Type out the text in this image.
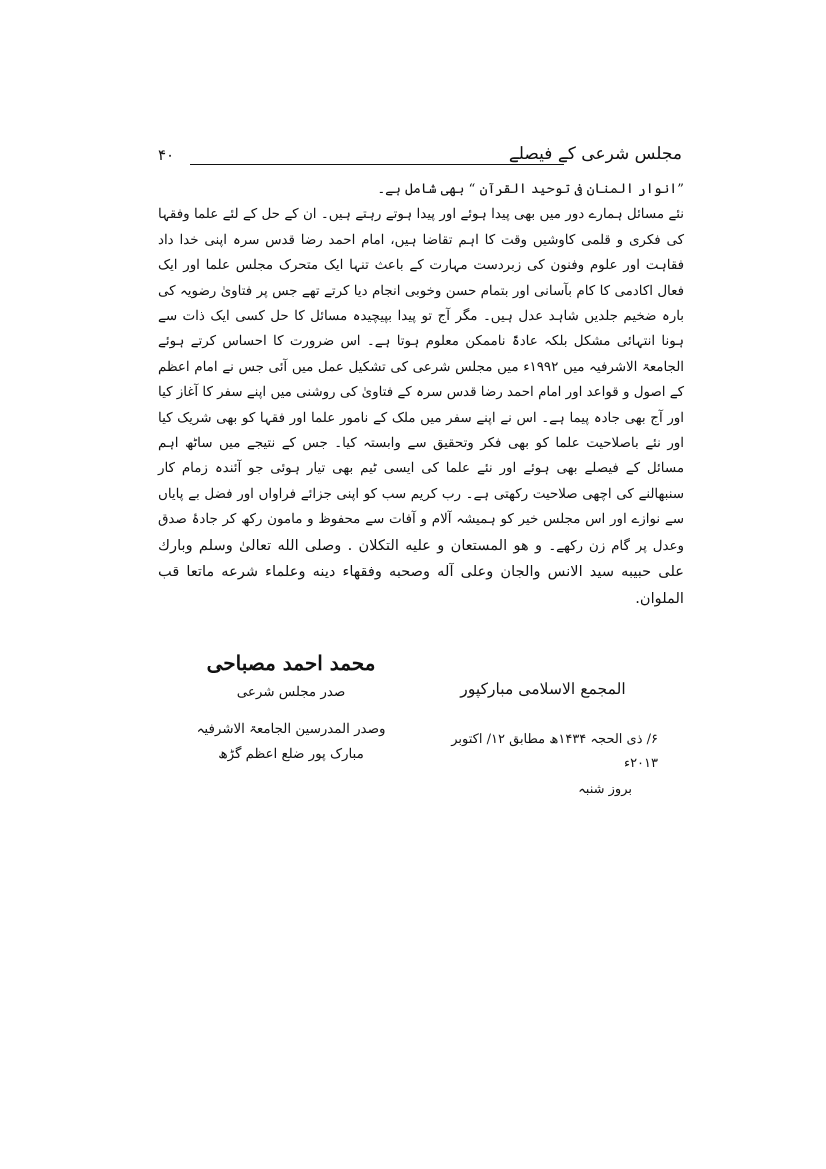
مجلس شرعی کے فیصلے
۴۰

”انوار المنان فی توحید القرآن “ بھی شامل ہے۔

نئے مسائل ہمارے دور میں بھی پیدا ہوئے اور پیدا ہوتے رہتے ہیں۔ ان کے حل کے لئے علما وفقہا کی فکری و قلمی کاوشیں وقت کا اہم تقاضا ہیں، امام احمد رضا قدس سرہ اپنی خدا داد فقاہت اور علوم وفنون کی زبردست مہارت کے باعث تنہا ایک متحرک مجلس علما اور ایک فعال اکادمی کا کام بآسانی اور بتمام حسن وخوبی انجام دیا کرتے تھے جس پر فتاویٰ رضویہ کی بارہ ضخیم جلدیں شاہد عدل ہیں۔ مگر آج تو پیدا بپیچیدہ مسائل کا حل کسی ایک ذات سے ہونا انتہائی مشکل بلکہ عادۃً ناممکن معلوم ہوتا ہے۔ اس ضرورت کا احساس کرتے ہوئے الجامعۃ الاشرفیہ میں ۱۹۹۲ء میں مجلس شرعی کی تشکیل عمل میں آئی جس نے امام اعظم کے اصول و قواعد اور امام احمد رضا قدس سرہ کے فتاویٰ کی روشنی میں اپنے سفر کا آغاز کیا اور آج بھی جادہ پیما ہے۔ اس نے اپنے سفر میں ملک کے نامور علما اور فقہا کو بھی شریک کیا اور نئے باصلاحیت علما کو بھی فکر وتحقیق سے وابستہ کیا۔ جس کے نتیجے میں ساٹھ اہم مسائل کے فیصلے بھی ہوئے اور نئے علما کی ایسی ٹیم بھی تیار ہوئی جو آئندہ زمام کار سنبھالنے کی اچھی صلاحیت رکھتی ہے۔ رب کریم سب کو اپنی جزائے فراواں اور فضل بے پایاں سے نوازے اور اس مجلس خیر کو ہمیشہ آلام و آفات سے محفوظ و مامون رکھ کر جادۂ صدق وعدل پر گام زن رکھے۔ و هو المستعان و عليه التكلان . وصلى الله تعالىٰ وسلم وبارك على حبيبه سيد الانس والجان وعلى آله وصحبه وفقهاء دينه وعلماء شرعه ماتعا قب الملوان.

محمد احمد مصباحی
صدر مجلس شرعی
وصدر المدرسین الجامعۃ الاشرفیہ
مبارک پور ضلع اعظم گڑھ
المجمع الاسلامی مبارکپور
۶/ ذی الحجہ ۱۴۳۴ھ مطابق ۱۲/ اکتوبر ۲۰۱۳ء
بروز شنبہ
